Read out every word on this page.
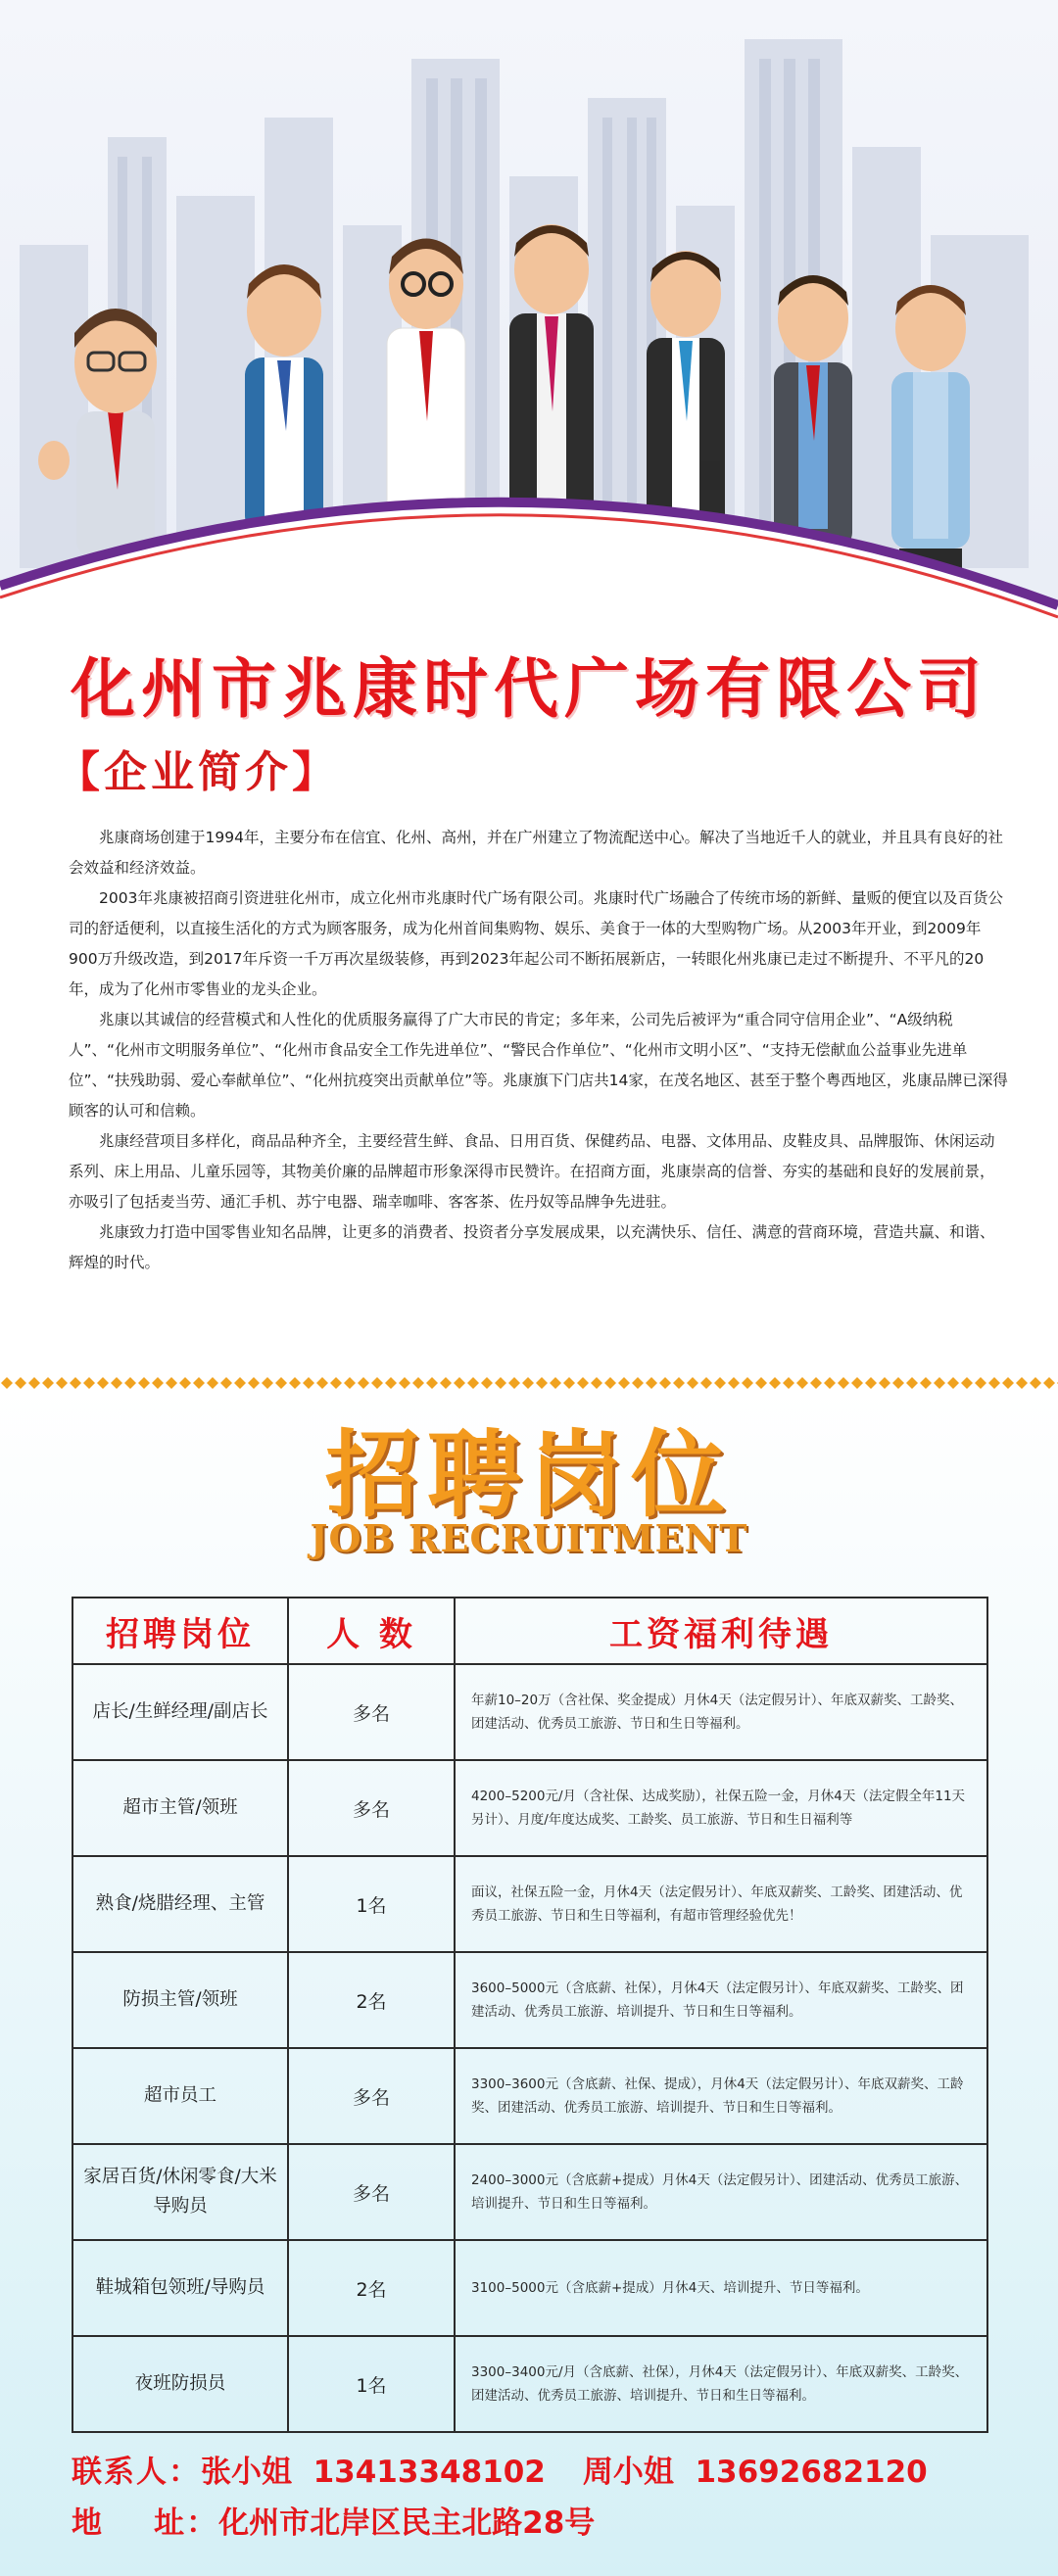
化州市兆康时代广场有限公司
【企业简介】

兆康商场创建于1994年，主要分布在信宜、化州、高州，并在广州建立了物流配送中心。解决了当地近千人的就业，并且具有良好的社会效益和经济效益。

2003年兆康被招商引资进驻化州市，成立化州市兆康时代广场有限公司。兆康时代广场融合了传统市场的新鲜、量贩的便宜以及百货公司的舒适便利，以直接生活化的方式为顾客服务，成为化州首间集购物、娱乐、美食于一体的大型购物广场。从2003年开业，到2009年900万升级改造，到2017年斥资一千万再次星级装修，再到2023年起公司不断拓展新店，一转眼化州兆康已走过不断提升、不平凡的20年，成为了化州市零售业的龙头企业。

兆康以其诚信的经营模式和人性化的优质服务赢得了广大市民的肯定；多年来，公司先后被评为“重合同守信用企业”、“A级纳税人”、“化州市文明服务单位”、“化州市食品安全工作先进单位”、“警民合作单位”、“化州市文明小区”、“支持无偿献血公益事业先进单位”、“扶残助弱、爱心奉献单位”、“化州抗疫突出贡献单位”等。兆康旗下门店共14家，在茂名地区、甚至于整个粤西地区，兆康品牌已深得顾客的认可和信赖。

兆康经营项目多样化，商品品种齐全，主要经营生鲜、食品、日用百货、保健药品、电器、文体用品、皮鞋皮具、品牌服饰、休闲运动系列、床上用品、儿童乐园等，其物美价廉的品牌超市形象深得市民赞许。在招商方面，兆康崇高的信誉、夯实的基础和良好的发展前景，亦吸引了包括麦当劳、通汇手机、苏宁电器、瑞幸咖啡、客客茶、佐丹奴等品牌争先进驻。

兆康致力打造中国零售业知名品牌，让更多的消费者、投资者分享发展成果，以充满快乐、信任、满意的营商环境，营造共赢、和谐、辉煌的时代。

招聘岗位
JOB RECRUITMENT
招聘岗位	人 数	工资福利待遇
店长/生鲜经理/副店长	多名	年薪10–20万（含社保、奖金提成）月休4天（法定假另计）、年底双薪奖、工龄奖、团建活动、优秀员工旅游、节日和生日等福利。
超市主管/领班	多名	4200–5200元/月（含社保、达成奖励），社保五险一金，月休4天（法定假全年11天另计）、月度/年度达成奖、工龄奖、员工旅游、节日和生日福利等
熟食/烧腊经理、主管	1名	面议，社保五险一金，月休4天（法定假另计）、年底双薪奖、工龄奖、团建活动、优秀员工旅游、节日和生日等福利，有超市管理经验优先！
防损主管/领班	2名	3600–5000元（含底薪、社保），月休4天（法定假另计）、年底双薪奖、工龄奖、团建活动、优秀员工旅游、培训提升、节日和生日等福利。
超市员工	多名	3300–3600元（含底薪、社保、提成），月休4天（法定假另计）、年底双薪奖、工龄奖、团建活动、优秀员工旅游、培训提升、节日和生日等福利。
家居百货/休闲零食/大米导购员	多名	2400–3000元（含底薪+提成）月休4天（法定假另计）、团建活动、优秀员工旅游、培训提升、节日和生日等福利。
鞋城箱包领班/导购员	2名	3100–5000元（含底薪+提成）月休4天、培训提升、节日等福利。
夜班防损员	1名	3300–3400元/月（含底薪、社保），月休4天（法定假另计）、年底双薪奖、工龄奖、团建活动、优秀员工旅游、培训提升、节日和生日等福利。
联系人：张小姐 13413348102 周小姐 13692682120
地    址：化州市北岸区民主北路28号
